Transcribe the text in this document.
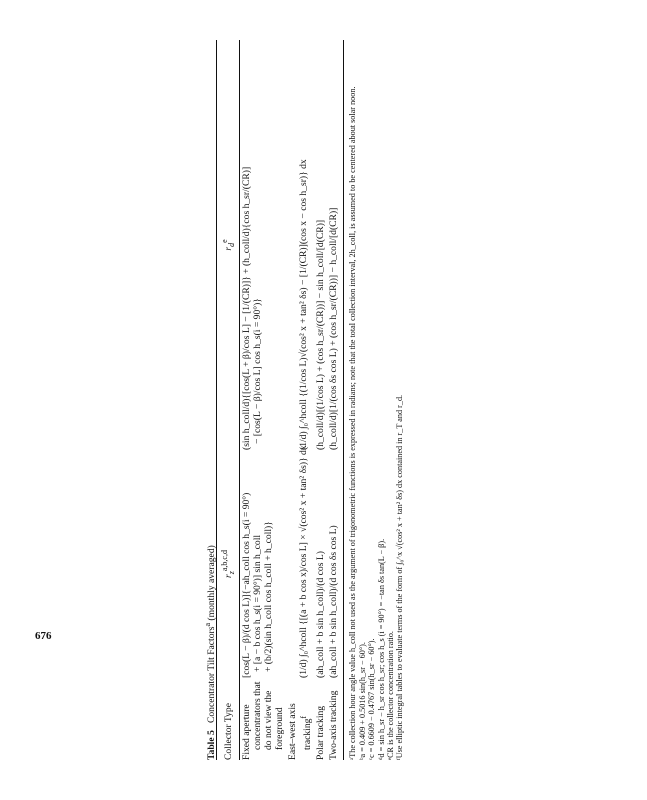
676

Table 5   Concentrator Tilt Factors$^a$ (monthly averaged)
Collector Type	$r_z^{a,b,c,d}$	$r_d^e$

Fixed aperture concentrators that do not view the foreground	[cos(L − β)/(d cos L)]{−ah_coll cos h_s(i = 90°) + [a − b cos h_s(i = 90°)] sin h_coll + (b/2)(sin h_coll cos h_coll + h_coll)}	(sin h_coll/d){[cos(L + β)/cos L] − [1/(CR)]} + (h_coll/d){cos h_sr/(CR)] − [cos(L − β)/cos L] cos h_s(i = 90°)}

East–west axis tracking$^f$	(1/d) ∫₀^hcoll {[(a + b cos x)/cos L] × √(cos² x + tan² δs)} dx	(1/d) ∫₀^hcoll {(1/cos L)√(cos² x + tan² δs) − [1/(CR)](cos x − cos h_sr)} dx

Polar tracking	(ah_coll + b sin h_coll)/(d cos L)	(h_coll/d)[(1/cos L) + (cos h_sr/(CR))] − sin h_coll/[d(CR)]

Two-axis tracking	(ah_coll + b sin h_coll)/(d cos δs cos L)	(h_coll/d)[1/(cos δs cos L) + (cos h_sr/(CR))] − h_coll/[d(CR)] ᵃThe collection hour angle value h_coll not used as the argument of trigonometric functions is expressed in radians; note that the total collection interval, 2h_coll, is assumed to be centered about solar noon. ᵇa = 0.409 + 0.5016 sin(h_sr − 60°). ᶜc = 0.6609 − 0.4767 sin(h_sr − 60°). ᵈd = sin h_sr − h_sr cos h_sr; cos h_s (i = 90°) = −tan δs tan(L − β). ᵉCR is the collector concentration ratio. ᶠUse elliptic integral tables to evaluate terms of the form of ∫₀^x √(cos² x + tan² δs) dx contained in r_T and r_d.
